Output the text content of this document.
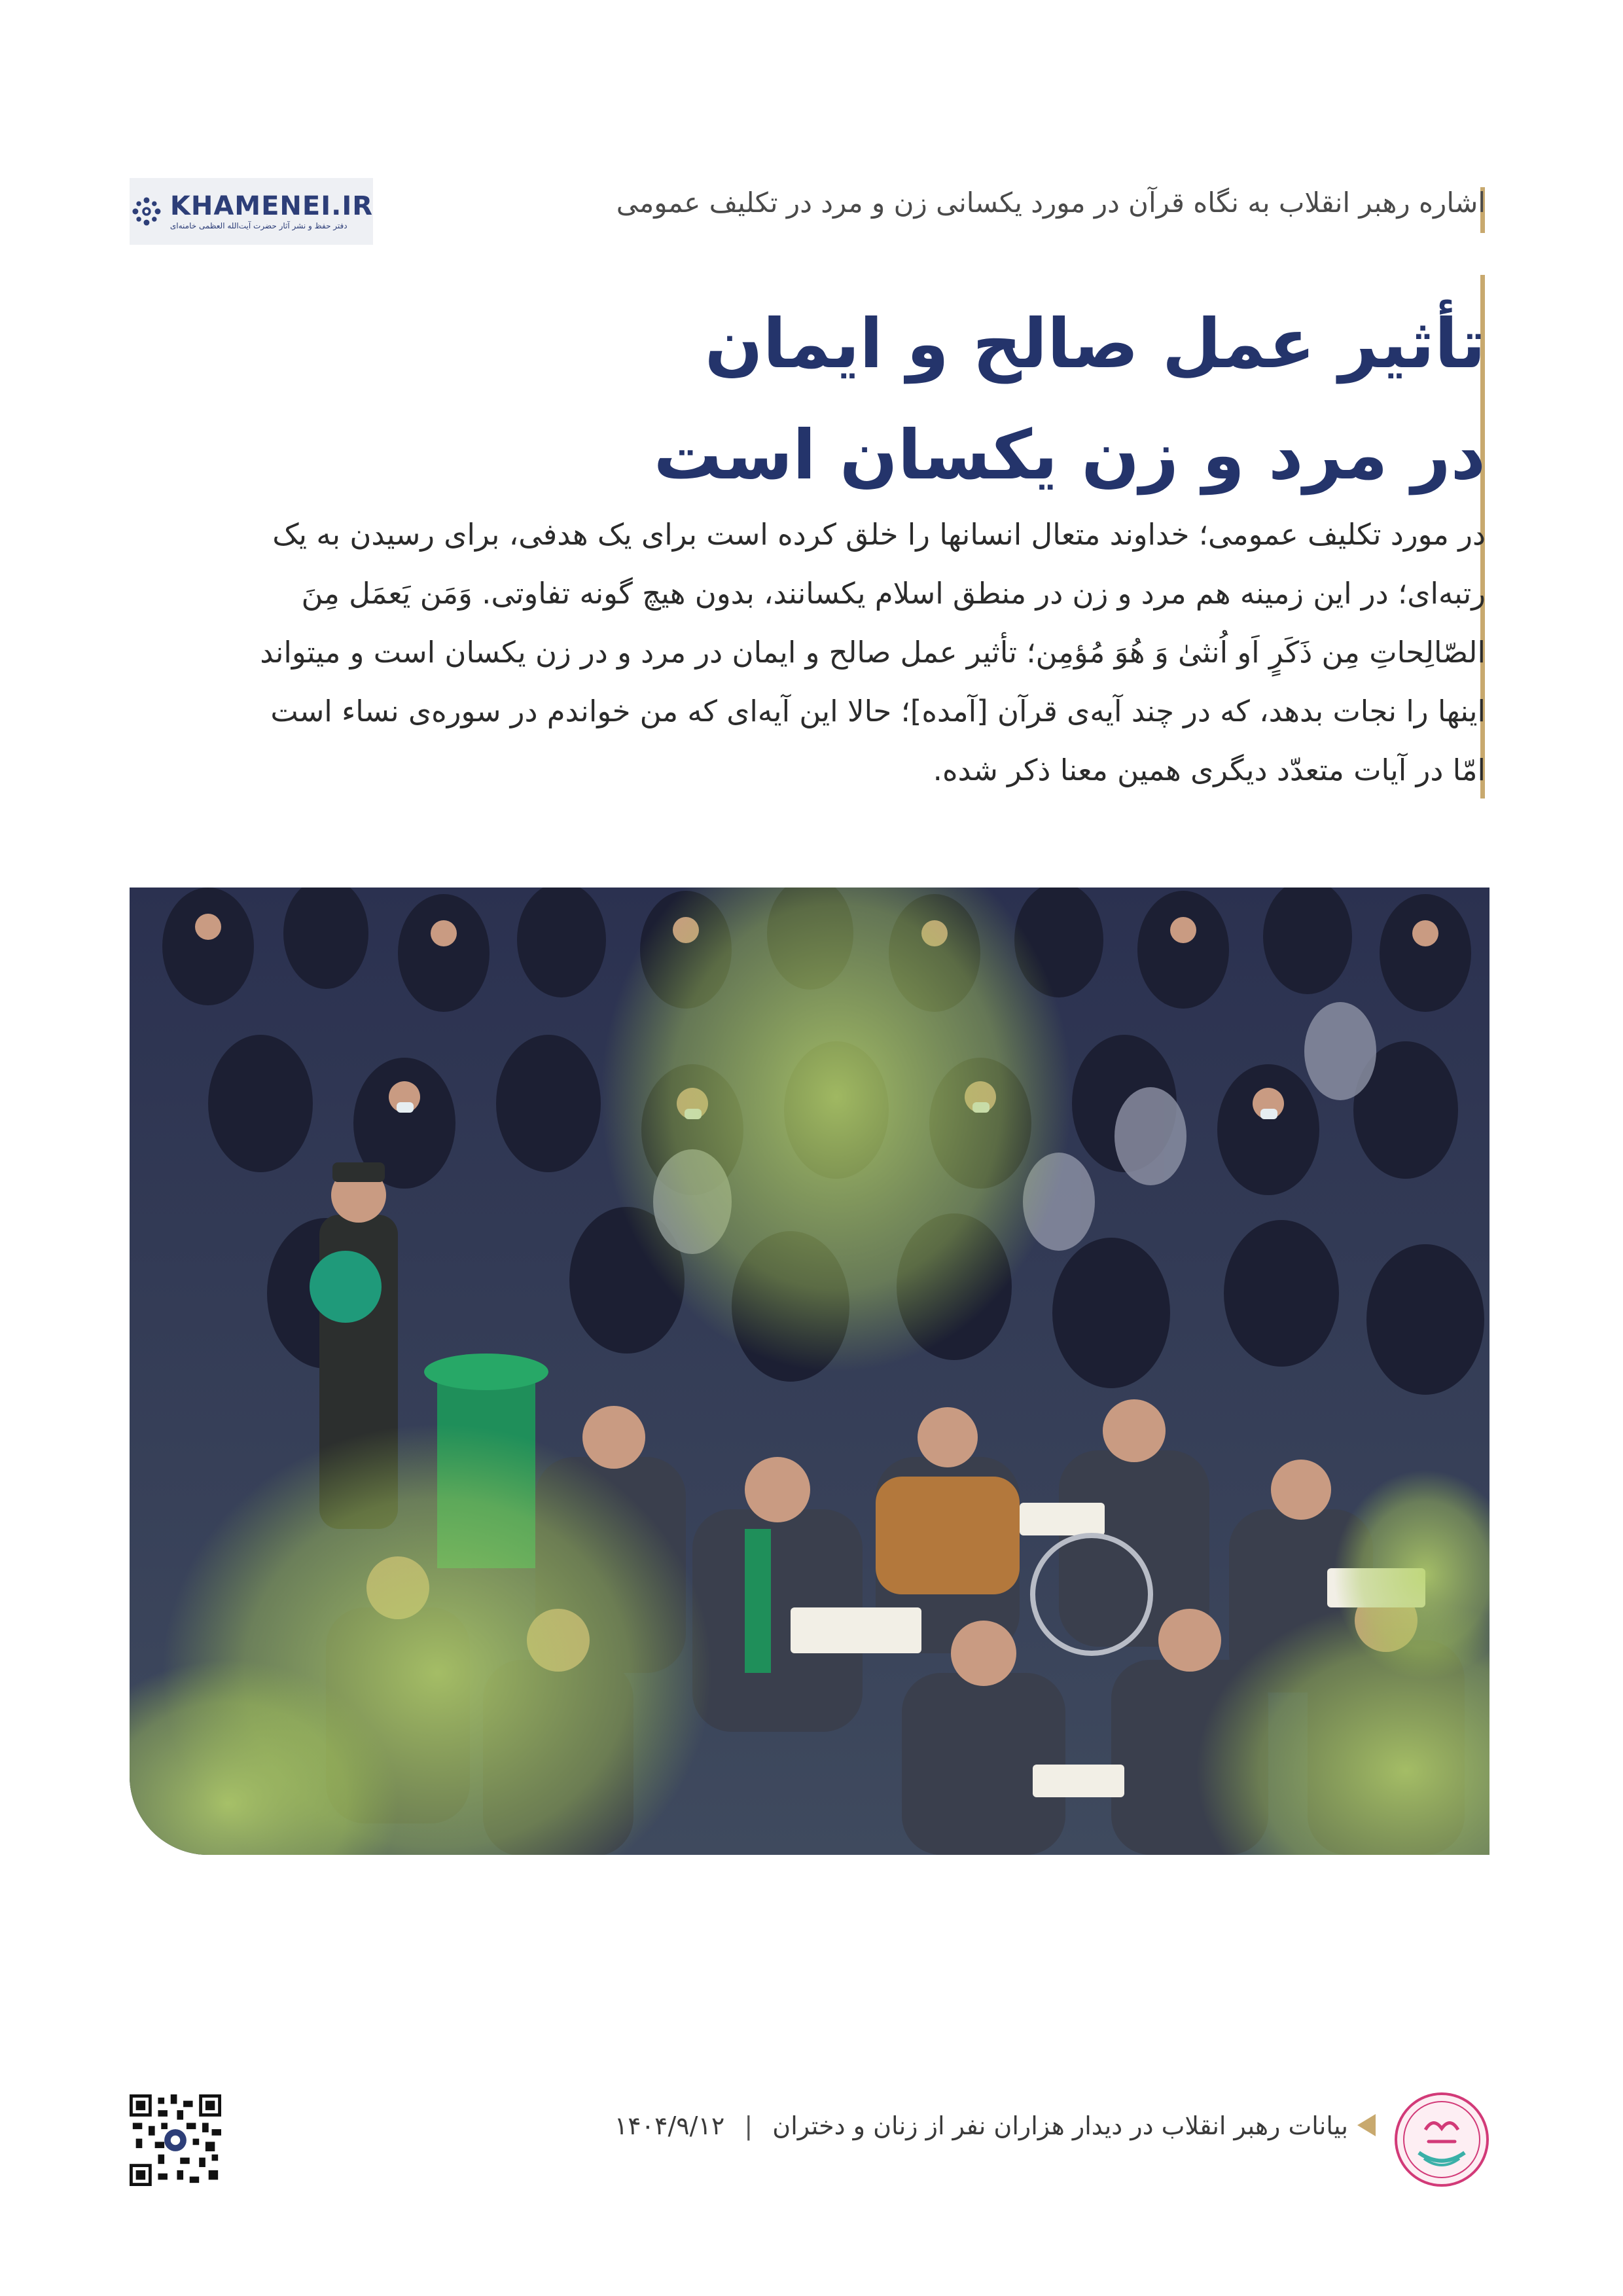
KHAMENEI.IR
دفتر حفظ و نشر آثار حضرت آیت‌الله العظمی خامنه‌ای
اشاره رهبر انقلاب به نگاه قرآن در مورد یکسانی زن و مرد در تکلیف عمومی
تأثیر عمل صالح و ایمان
در مرد و زن یکسان است
در مورد تکلیف عمومی؛ خداوند متعال انسانها را خلق کرده است برای یک هدفی، برای رسیدن به یک رتبه‌ای؛ در این زمینه هم مرد و زن در منطق اسلام یکسانند، بدون هیچ گونه تفاوتی. وَمَن یَعمَل مِنَ الصّالِحاتِ مِن ذَکَرٍ اَو اُنثیٰ وَ هُوَ مُؤمِن؛ تأثیر عمل صالح و ایمان در مرد و در زن یکسان است و میتواند اینها را نجات بدهد، که در چند آیه‌ی قرآن [آمده]؛ حالا این آیه‌ای که من خواندم در سوره‌ی نساء است امّا در آیات متعدّد دیگری همین معنا ذکر شده.
بیانات رهبر انقلاب در دیدار هزاران نفر از زنان و دختران | ۱۴۰۴/۹/۱۲
